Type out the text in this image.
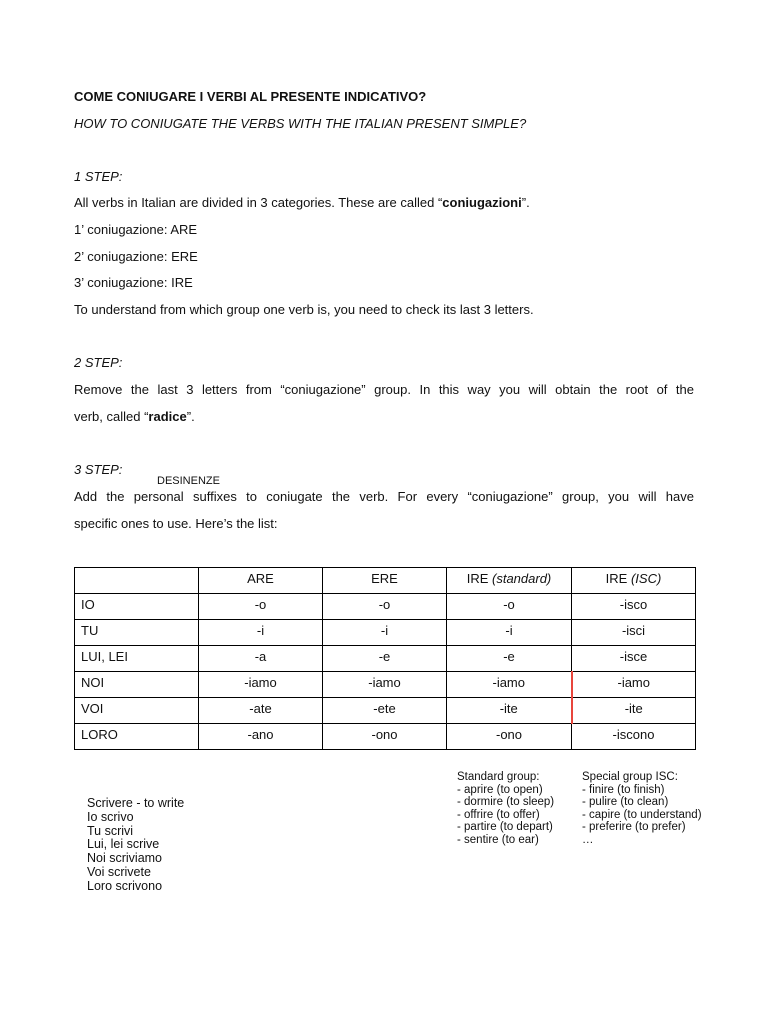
COME CONIUGARE I VERBI AL PRESENTE INDICATIVO?

HOW TO CONIUGATE THE VERBS WITH THE ITALIAN PRESENT SIMPLE?

1 STEP:

All verbs in Italian are divided in 3 categories. These are called “coniugazioni”.

1’ coniugazione: ARE

2’ coniugazione: ERE

3’ coniugazione: IRE

To understand from which group one verb is, you need to check its last 3 letters.

2 STEP:

Remove the last 3 letters from “coniugazione” group. In this way you will obtain the root of the

verb, called “radice”.

3 STEP:

DESINENZE

Add the personal suffixes to coniugate the verb. For every “coniugazione” group, you will have

specific ones to use. Here’s the list:

	ARE	ERE	IRE (standard)	IRE (ISC)
IO	-o	-o	-o	-isco
TU	-i	-i	-i	-isci
LUI, LEI	-a	-e	-e	-isce
NOI	-iamo	-iamo	-iamo	-iamo
VOI	-ate	-ete	-ite	-ite
LORO	-ano	-ono	-ono	-iscono
Standard group:
- aprire (to open)
- dormire (to sleep)
- offrire (to offer)
- partire (to depart)
- sentire (to ear)
Special group ISC:
- finire (to finish)
- pulire (to clean)
- capire (to understand)
- preferire (to prefer)
…
Scrivere - to write
Io scrivo
Tu scrivi
Lui, lei scrive
Noi scriviamo
Voi scrivete
Loro scrivono
